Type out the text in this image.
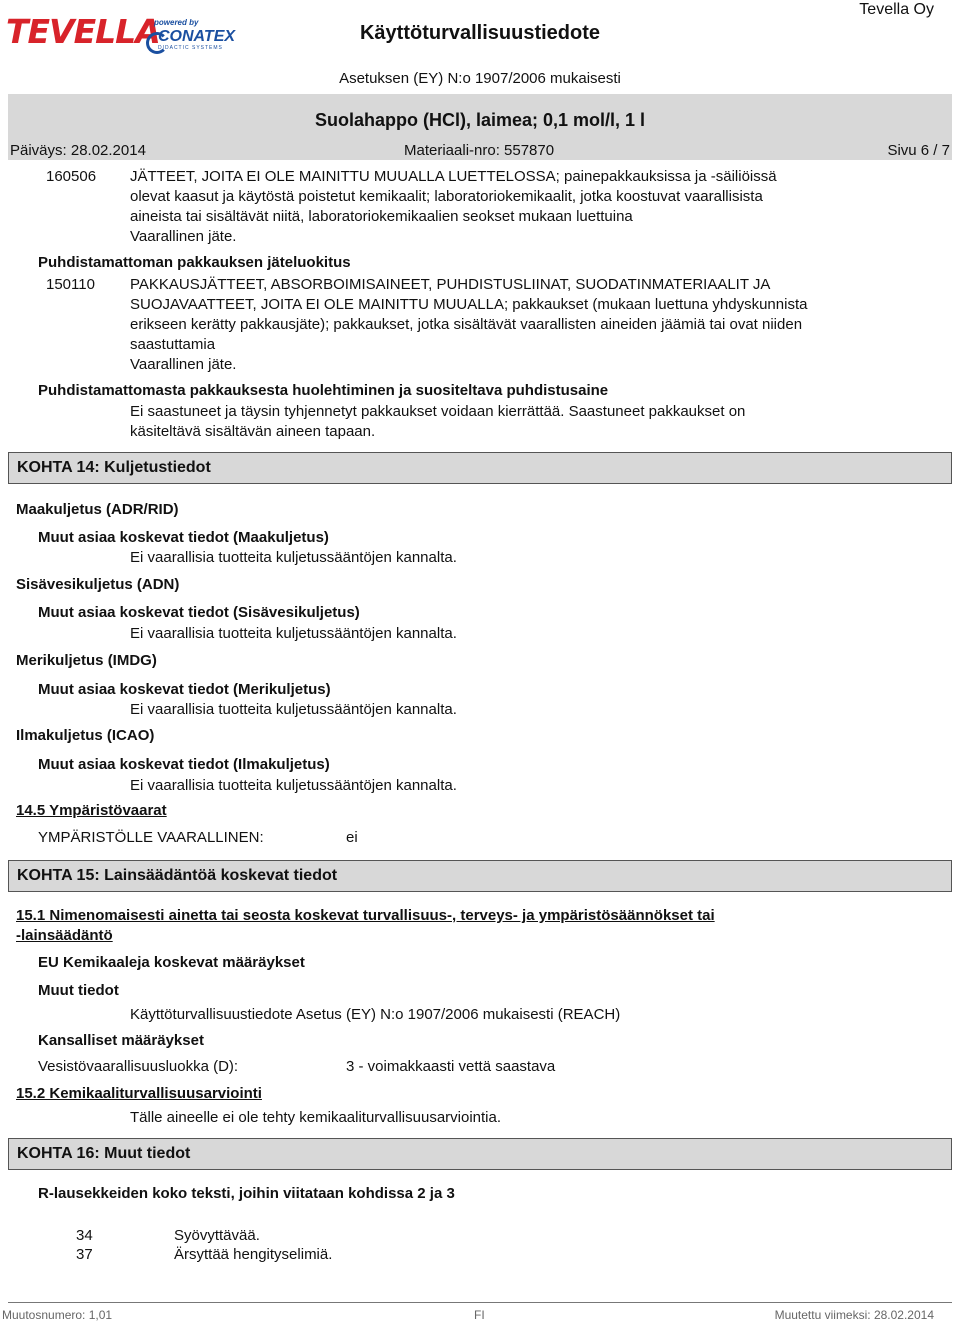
TEVELLA
powered by
CONATEX
DIDACTIC SYSTEMS
Käyttöturvallisuustiedote
Tevella Oy
Asetuksen (EY) N:o 1907/2006 mukaisesti
Suolahappo (HCl), laimea; 0,1 mol/l, 1 l
Päiväys: 28.02.2014	Materiaali-nro: 557870	Sivu 6 / 7
160506 JÄTTEET, JOITA EI OLE MAINITTU MUUALLA LUETTELOSSA; painepakkauksissa ja -säiliöissä
olevat kaasut ja käytöstä poistetut kemikaalit; laboratoriokemikaalit, jotka koostuvat vaarallisista
aineista tai sisältävät niitä, laboratoriokemikaalien seokset mukaan luettuina
Vaarallinen jäte.
Puhdistamattoman pakkauksen jäteluokitus
150110 PAKKAUSJÄTTEET, ABSORBOIMISAINEET, PUHDISTUSLIINAT, SUODATINMATERIAALIT JA
SUOJAVAATTEET, JOITA EI OLE MAINITTU MUUALLA; pakkaukset (mukaan luettuna yhdyskunnista
erikseen kerätty pakkausjäte); pakkaukset, jotka sisältävät vaarallisten aineiden jäämiä tai ovat niiden
saastuttamia
Vaarallinen jäte.
Puhdistamattomasta pakkauksesta huolehtiminen ja suositeltava puhdistusaine
Ei saastuneet ja täysin tyhjennetyt pakkaukset voidaan kierrättää. Saastuneet pakkaukset on
käsiteltävä sisältävän aineen tapaan.
KOHTA 14: Kuljetustiedot
Maakuljetus (ADR/RID)
Muut asiaa koskevat tiedot (Maakuljetus)
Ei vaarallisia tuotteita kuljetussääntöjen kannalta.
Sisävesikuljetus (ADN)
Muut asiaa koskevat tiedot (Sisävesikuljetus)
Ei vaarallisia tuotteita kuljetussääntöjen kannalta.
Merikuljetus (IMDG)
Muut asiaa koskevat tiedot (Merikuljetus)
Ei vaarallisia tuotteita kuljetussääntöjen kannalta.
Ilmakuljetus (ICAO)
Muut asiaa koskevat tiedot (Ilmakuljetus)
Ei vaarallisia tuotteita kuljetussääntöjen kannalta.
14.5 Ympäristövaarat
YMPÄRISTÖLLE VAARALLINEN:	ei
KOHTA 15: Lainsäädäntöä koskevat tiedot
15.1 Nimenomaisesti ainetta tai seosta koskevat turvallisuus-, terveys- ja ympäristösäännökset tai
-lainsäädäntö
EU Kemikaaleja koskevat määräykset
Muut tiedot
Käyttöturvallisuustiedote Asetus (EY) N:o 1907/2006 mukaisesti (REACH)
Kansalliset määräykset
Vesistövaarallisuusluokka (D):	3 - voimakkaasti vettä saastava
15.2 Kemikaaliturvallisuusarviointi
Tälle aineelle ei ole tehty kemikaaliturvallisuusarviointia.
KOHTA 16: Muut tiedot
R-lausekkeiden koko teksti, joihin viitataan kohdissa 2 ja 3
34	Syövyttävää.
37	Ärsyttää hengityselimiä.
Muutosnumero: 1,01	FI	Muutettu viimeksi: 28.02.2014
